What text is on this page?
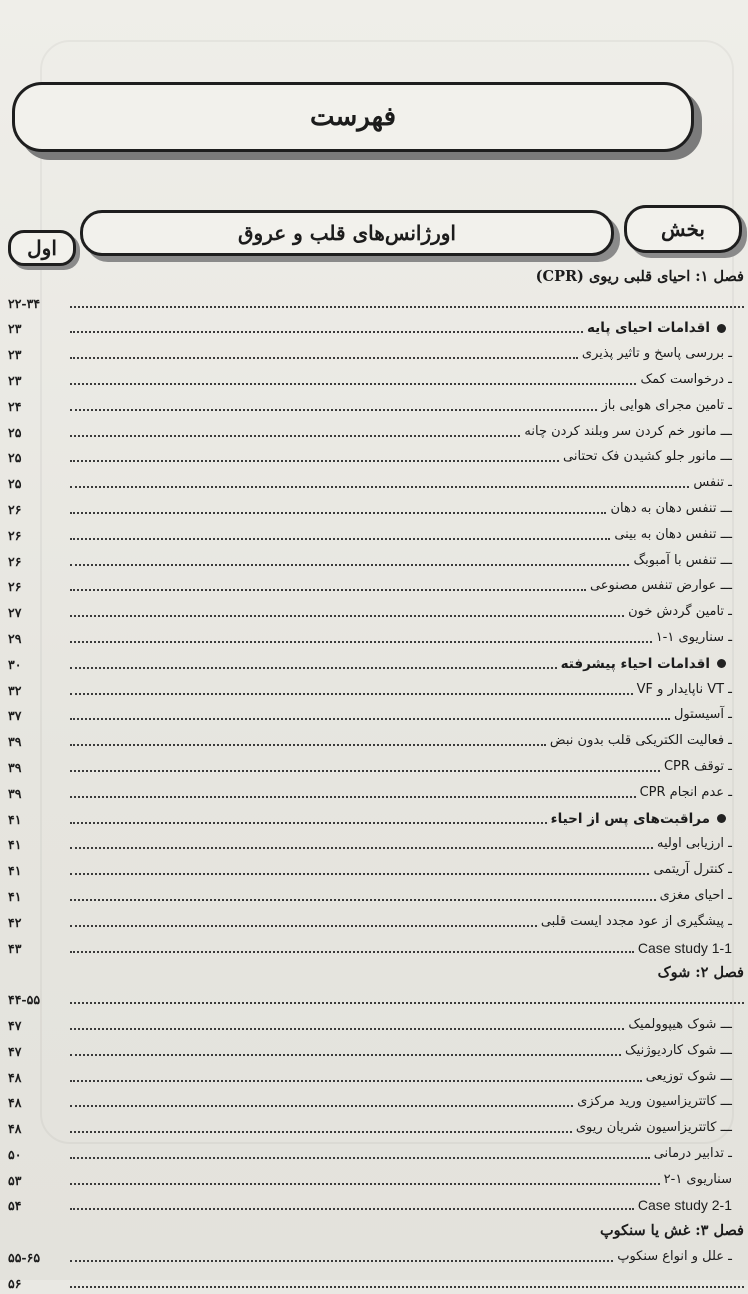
فهرست
بخش
اورژانس‌های قلب و عروق
اول
فصل ۱: احیای قلبی ریوی (CPR)
۲۲-۳۴
اقدامات احیای پایه
۲۳
ـ بررسی پاسخ و تاثیر پذیری
۲۳
ـ درخواست کمک
۲۳
ـ تامین مجرای هوایی باز
۲۴
ـــ مانور خم کردن سر وبلند کردن چانه
۲۵
ـــ مانور جلو کشیدن فک تحتانی
۲۵
ـ تنفس
۲۵
ـــ تنفس دهان به دهان
۲۶
ـــ تنفس دهان به بینی
۲۶
ـــ تنفس با آمبوبگ
۲۶
ـــ عوارض تنفس مصنوعی
۲۶
ـ تامین گردش خون
۲۷
ـ سناریوی ۱-۱
۲۹
اقدامات احیاء پیشرفته
۳۰
ـ VT ناپایدار و VF
۳۲
ـ آسیستول
۳۷
ـ فعالیت الکتریکی قلب بدون نبض
۳۹
ـ توقف CPR
۳۹
ـ عدم انجام CPR
۳۹
مراقبت‌های پس از احیاء
۴۱
ـ ارزیابی اولیه
۴۱
ـ کنترل آریتمی
۴۱
ـ احیای مغزی
۴۱
ـ پیشگیری از عود مجدد ایست قلبی
۴۲
Case study 1-1
۴۳
فصل ۲: شوک
۴۴-۵۵
ـــ شوک هیپوولمیک
۴۷
ـــ شوک کاردیوژنیک
۴۷
ـــ شوک توزیعی
۴۸
ـــ کاتتریزاسیون ورید مرکزی
۴۸
ـــ کاتتریزاسیون شریان ریوی
۴۸
ـ تدابیر درمانی
۵۰
سناریوی ۱-۲
۵۳
Case study 2-1
۵۴
فصل ۳: غش یا سنکوپ
ـ علل و انواع سنکوپ
۵۵-۶۵
۵۶
